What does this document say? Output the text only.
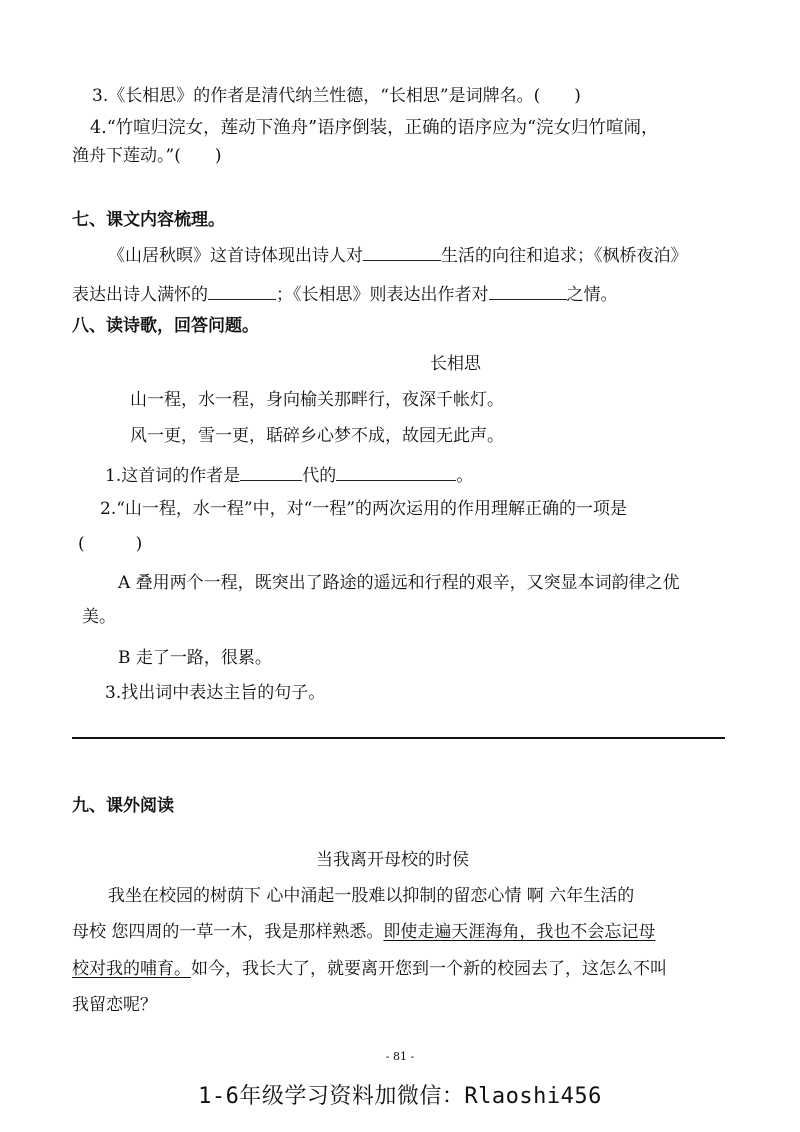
3.《长相思》的作者是清代纳兰性德，“长相思”是词牌名。(　　)
4.“竹喧归浣女，莲动下渔舟”语序倒装，正确的语序应为“浣女归竹喧闹，
渔舟下莲动。”(　　)
七、课文内容梳理。
《山居秋暝》这首诗体现出诗人对	生活的向往和追求；《枫桥夜泊》
表达出诗人满怀的	；《长相思》则表达出作者对	之情。
八、读诗歌，回答问题。
长相思
山一程，水一程，身向榆关那畔行，夜深千帐灯。
风一更，雪一更，聒碎乡心梦不成，故园无此声。
1.这首词的作者是	代的	。
2.“山一程，水一程”中，对“一程”的两次运用的作用理解正确的一项是
(　　　)
A 叠用两个一程，既突出了路途的遥远和行程的艰辛，又突显本词韵律之优
美。
B 走了一路，很累。
3.找出词中表达主旨的句子。
九、课外阅读
当我离开母校的时侯
我坐在校园的树荫下 心中涌起一股难以抑制的留恋心情 啊 六年生活的
母校 您四周的一草一木，我是那样熟悉。即使走遍天涯海角，我也不会忘记母
校对我的哺育。如今，我长大了，就要离开您到一个新的校园去了，这怎么不叫
我留恋呢？
- 81 -
1-6年级学习资料加微信：Rlaoshi456
